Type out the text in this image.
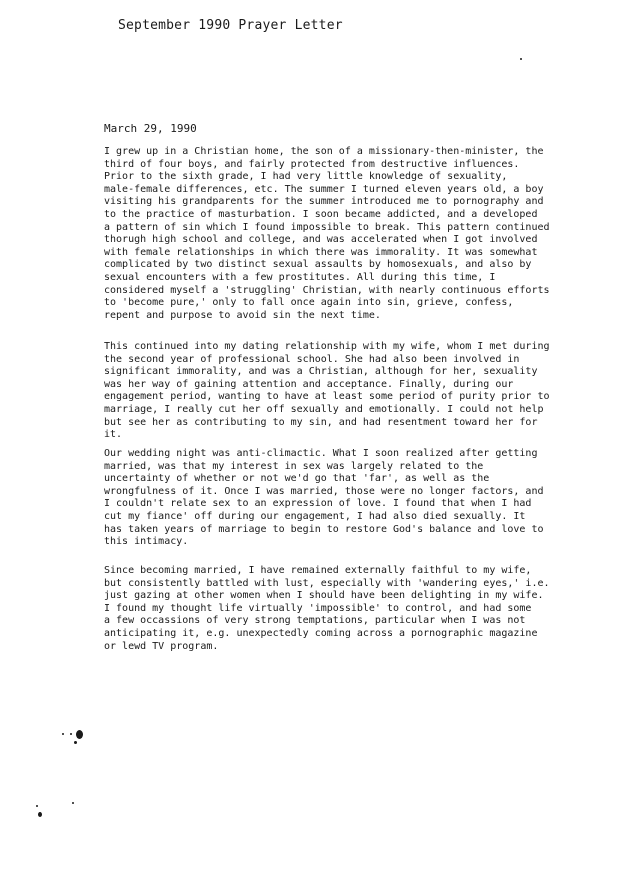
September 1990 Prayer Letter
March 29, 1990
I grew up in a Christian home, the son of a missionary-then-minister, the
third of four boys, and fairly protected from destructive influences.
Prior to the sixth grade, I had very little knowledge of sexuality,
male-female differences, etc. The summer I turned eleven years old, a boy
visiting his grandparents for the summer introduced me to pornography and
to the practice of masturbation. I soon became addicted, and a developed
a pattern of sin which I found impossible to break. This pattern continued
thorugh high school and college, and was accelerated when I got involved
with female relationships in which there was immorality. It was somewhat
complicated by two distinct sexual assaults by homosexuals, and also by
sexual encounters with a few prostitutes. All during this time, I
considered myself a 'struggling' Christian, with nearly continuous efforts
to 'become pure,' only to fall once again into sin, grieve, confess,
repent and purpose to avoid sin the next time.
This continued into my dating relationship with my wife, whom I met during
the second year of professional school. She had also been involved in
significant immorality, and was a Christian, although for her, sexuality
was her way of gaining attention and acceptance. Finally, during our
engagement period, wanting to have at least some period of purity prior to
marriage, I really cut her off sexually and emotionally. I could not help
but see her as contributing to my sin, and had resentment toward her for
it.
Our wedding night was anti-climactic. What I soon realized after getting
married, was that my interest in sex was largely related to the
uncertainty of whether or not we'd go that 'far', as well as the
wrongfulness of it. Once I was married, those were no longer factors, and
I couldn't relate sex to an expression of love. I found that when I had
cut my fiance' off during our engagement, I had also died sexually. It
has taken years of marriage to begin to restore God's balance and love to
this intimacy.
Since becoming married, I have remained externally faithful to my wife,
but consistently battled with lust, especially with 'wandering eyes,' i.e.
just gazing at other women when I should have been delighting in my wife.
I found my thought life virtually 'impossible' to control, and had some
a few occassions of very strong temptations, particular when I was not
anticipating it, e.g. unexpectedly coming across a pornographic magazine
or lewd TV program.
